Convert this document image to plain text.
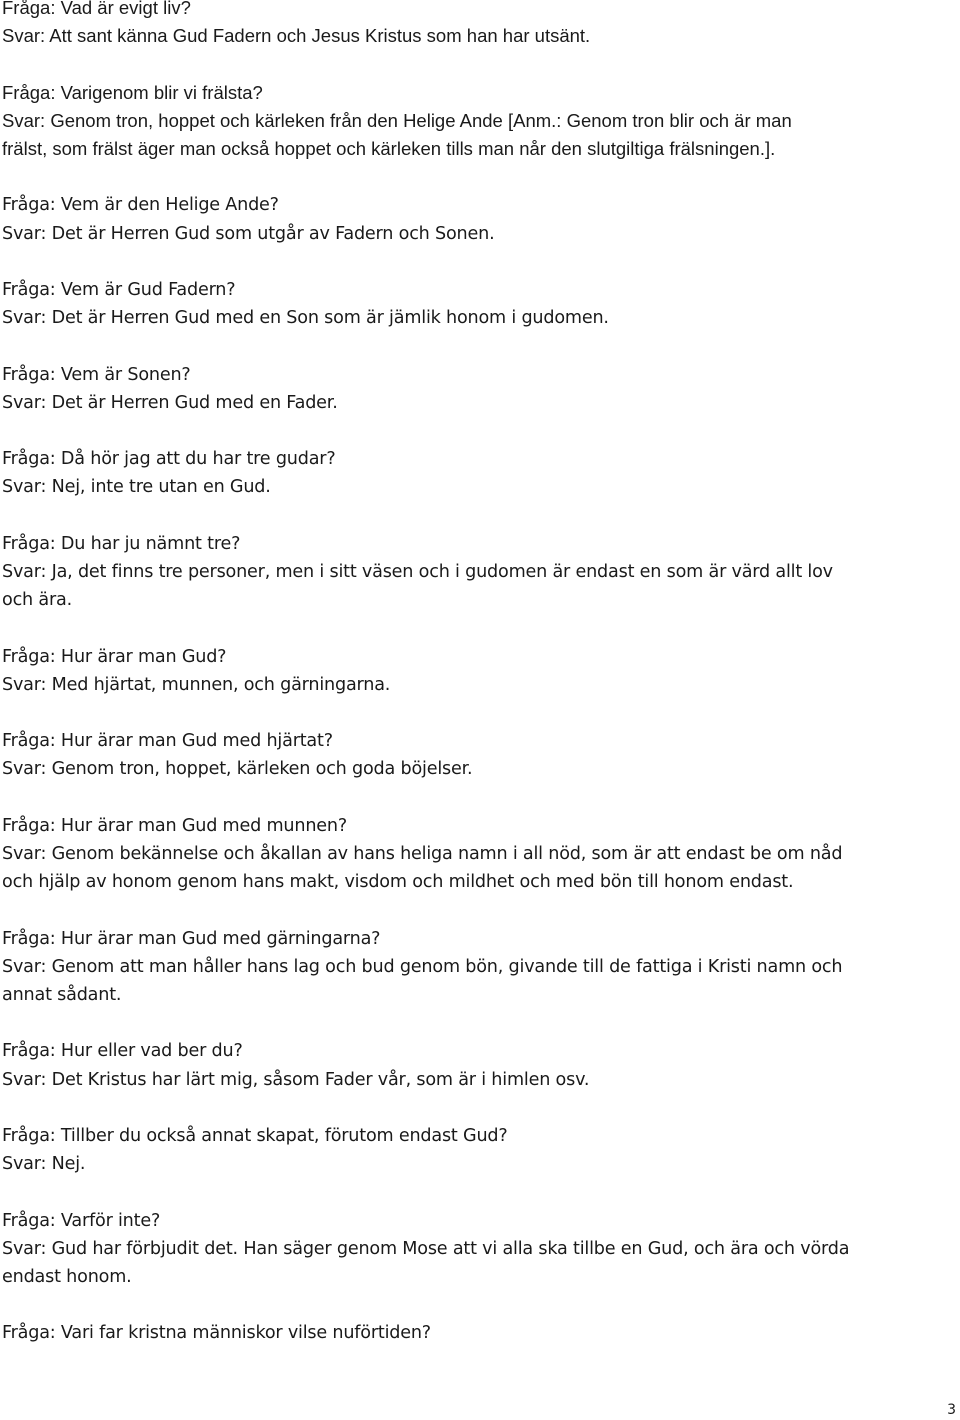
Fråga: Vad är evigt liv?
Svar: Att sant känna Gud Fadern och Jesus Kristus som han har utsänt.
Fråga: Varigenom blir vi frälsta?
Svar: Genom tron, hoppet och kärleken från den Helige Ande [Anm.: Genom tron blir och är man
frälst, som frälst äger man också hoppet och kärleken tills man når den slutgiltiga frälsningen.].
Fråga: Vem är den Helige Ande?
Svar: Det är Herren Gud som utgår av Fadern och Sonen.
Fråga: Vem är Gud Fadern?
Svar: Det är Herren Gud med en Son som är jämlik honom i gudomen.
Fråga: Vem är Sonen?
Svar: Det är Herren Gud med en Fader.
Fråga: Då hör jag att du har tre gudar?
Svar: Nej, inte tre utan en Gud.
Fråga: Du har ju nämnt tre?
Svar: Ja, det finns tre personer, men i sitt väsen och i gudomen är endast en som är värd allt lov
och ära.
Fråga: Hur ärar man Gud?
Svar: Med hjärtat, munnen, och gärningarna.
Fråga: Hur ärar man Gud med hjärtat?
Svar: Genom tron, hoppet, kärleken och goda böjelser.
Fråga: Hur ärar man Gud med munnen?
Svar: Genom bekännelse och åkallan av hans heliga namn i all nöd, som är att endast be om nåd
och hjälp av honom genom hans makt, visdom och mildhet och med bön till honom endast.
Fråga: Hur ärar man Gud med gärningarna?
Svar: Genom att man håller hans lag och bud genom bön, givande till de fattiga i Kristi namn och
annat sådant.
Fråga: Hur eller vad ber du?
Svar: Det Kristus har lärt mig, såsom Fader vår, som är i himlen osv.
Fråga: Tillber du också annat skapat, förutom endast Gud?
Svar: Nej.
Fråga: Varför inte?
Svar: Gud har förbjudit det. Han säger genom Mose att vi alla ska tillbe en Gud, och ära och vörda
endast honom.
Fråga: Vari far kristna människor vilse nuförtiden?
3
